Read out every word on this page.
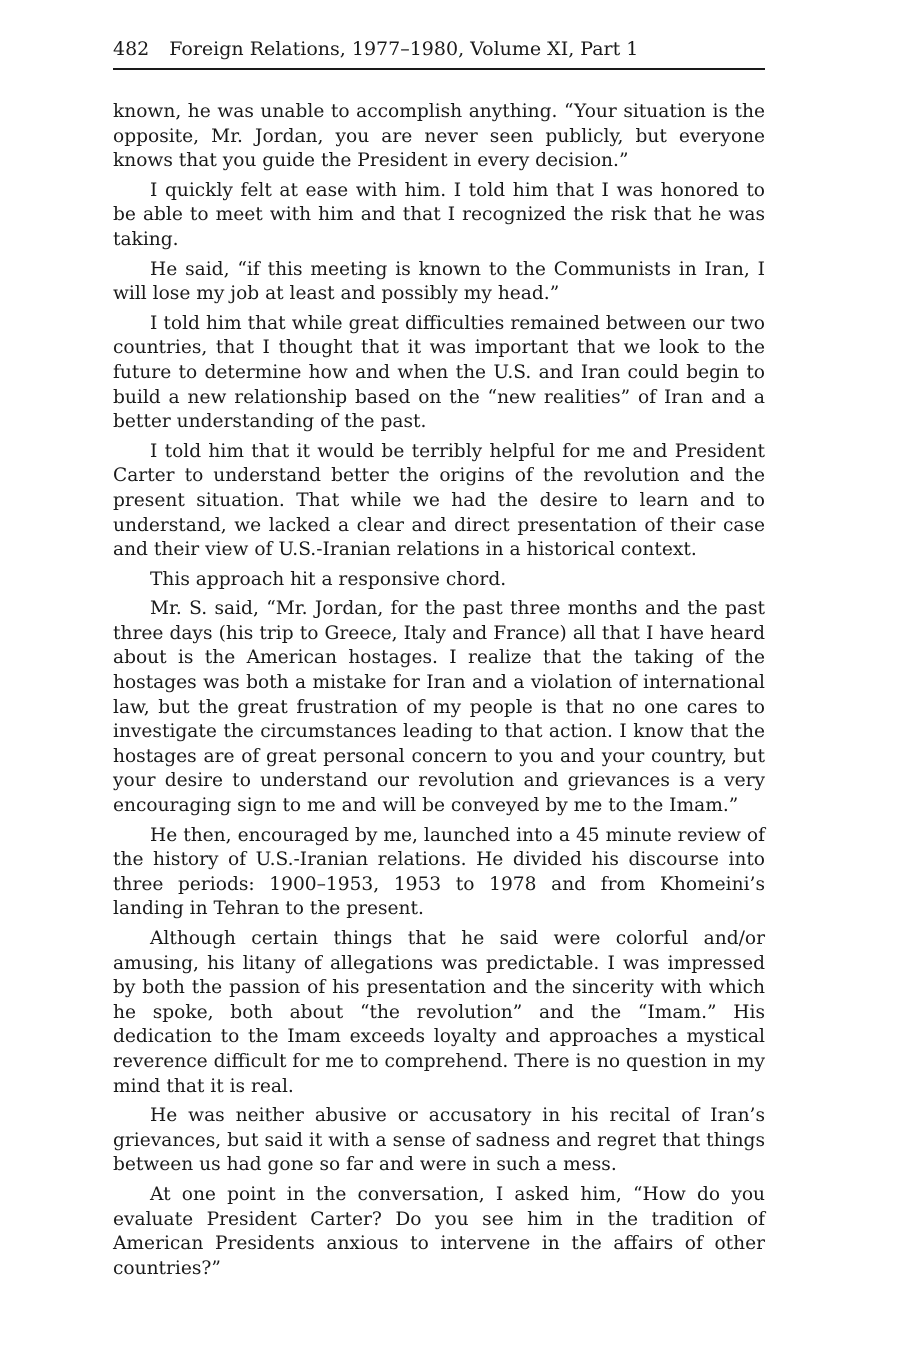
482 Foreign Relations, 1977–1980, Volume XI, Part 1

known, he was unable to accomplish anything. “Your situation is the opposite, Mr. Jordan, you are never seen publicly, but everyone knows that you guide the President in every decision.”

I quickly felt at ease with him. I told him that I was honored to be able to meet with him and that I recognized the risk that he was taking.

He said, “if this meeting is known to the Communists in Iran, I will lose my job at least and possibly my head.”

I told him that while great difficulties remained between our two countries, that I thought that it was important that we look to the future to determine how and when the U.S. and Iran could begin to build a new relationship based on the “new realities” of Iran and a better understanding of the past.

I told him that it would be terribly helpful for me and President Carter to understand better the origins of the revolution and the present situation. That while we had the desire to learn and to understand, we lacked a clear and direct presentation of their case and their view of U.S.-Iranian relations in a historical context.

This approach hit a responsive chord.

Mr. S. said, “Mr. Jordan, for the past three months and the past three days (his trip to Greece, Italy and France) all that I have heard about is the American hostages. I realize that the taking of the hostages was both a mistake for Iran and a violation of international law, but the great frustration of my people is that no one cares to investigate the circumstances leading to that action. I know that the hostages are of great personal concern to you and your country, but your desire to understand our revolution and grievances is a very encouraging sign to me and will be conveyed by me to the Imam.”

He then, encouraged by me, launched into a 45 minute review of the history of U.S.-Iranian relations. He divided his discourse into three periods: 1900–1953, 1953 to 1978 and from Khomeini’s landing in Tehran to the present.

Although certain things that he said were colorful and/or amusing, his litany of allegations was predictable. I was impressed by both the passion of his presentation and the sincerity with which he spoke, both about “the revolution” and the “Imam.” His dedication to the Imam exceeds loyalty and approaches a mystical reverence difficult for me to comprehend. There is no question in my mind that it is real.

He was neither abusive or accusatory in his recital of Iran’s grievances, but said it with a sense of sadness and regret that things between us had gone so far and were in such a mess.

At one point in the conversation, I asked him, “How do you evaluate President Carter? Do you see him in the tradition of American Presidents anxious to intervene in the affairs of other countries?”
